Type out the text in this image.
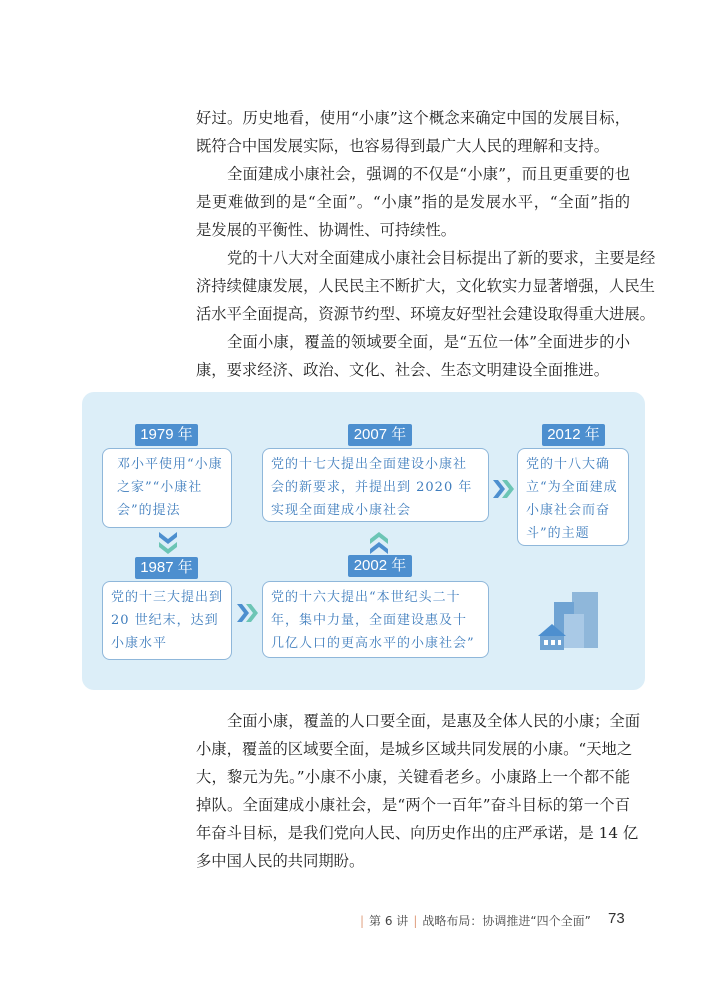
好过。历史地看，使用“小康”这个概念来确定中国的发展目标，
既符合中国发展实际，也容易得到最广大人民的理解和支持。
全面建成小康社会，强调的不仅是“小康”，而且更重要的也
是更难做到的是“全面”。“小康”指的是发展水平，“全面”指的
是发展的平衡性、协调性、可持续性。
党的十八大对全面建成小康社会目标提出了新的要求，主要是经
济持续健康发展，人民民主不断扩大，文化软实力显著增强，人民生
活水平全面提高，资源节约型、环境友好型社会建设取得重大进展。
全面小康，覆盖的领域要全面，是“五位一体”全面进步的小
康，要求经济、政治、文化、社会、生态文明建设全面推进。
1979 年
邓小平使用“小康之家”“小康社会”的提法
1987 年
党的十三大提出到 20 世纪末，达到小康水平
党的十六大提出“本世纪头二十年，集中力量，全面建设惠及十几亿人口的更高水平的小康社会”
2002 年
党的十七大提出全面建设小康社会的新要求，并提出到 2020 年实现全面建成小康社会
2007 年
党的十八大确立“为全面建成小康社会而奋斗”的主题
2012 年
全面小康，覆盖的人口要全面，是惠及全体人民的小康；全面
小康，覆盖的区域要全面，是城乡区域共同发展的小康。“天地之
大，黎元为先。”小康不小康，关键看老乡。小康路上一个都不能
掉队。全面建成小康社会，是“两个一百年”奋斗目标的第一个百
年奋斗目标，是我们党向人民、向历史作出的庄严承诺，是 14 亿
多中国人民的共同期盼。
| 第 6 讲 | 战略布局：协调推进“四个全面” 73
